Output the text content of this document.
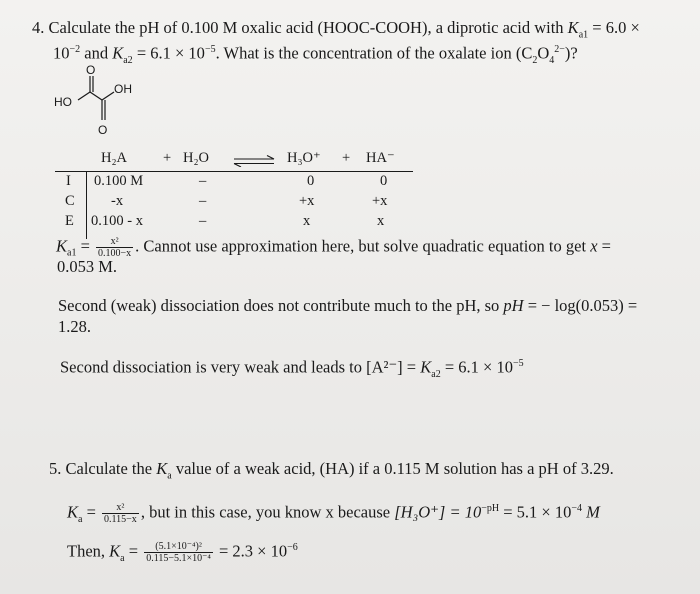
4. Calculate the pH of 0.100 M oxalic acid (HOOC-COOH), a diprotic acid with $K_{a1} = 6.0$ ×
$10^{-2}$ and $K_{a2} = 6.1 \times 10^{-5}$. What is the concentration of the oxalate ion $(C_2O_4^{2-})$?
O
HO
OH
O
H₂A + H₂O ⇌ H₃O⁺ + HA⁻
I 0.100 M	–	0	0
C	-x	–	+x	+x
E 0.100 - x	–	x	x
$K_{a1} = \frac{\text{x²}}{0.100-x}$ . Cannot use approximation here, but solve quadratic equation to get x =
0.053 M.
Second (weak) dissociation does not contribute much to the pH, so pH = − log(0.053) =
1.28.
Second dissociation is very weak and leads to $[A^{2-}] = K_{a2} = 6.1 \times 10^{-5}$
5. Calculate the $K_a$ value of a weak acid, (HA) if a 0.115 M solution has a pH of 3.29.
$K_a = \frac{\text{x²}}{0.115-x}$ , but in this case, you know x because $[H_3O^+] = 10^{-pH} = 5.1 \times 10^{-4}$ M
Then, $K_a = \frac{\text{(5.1×10⁻⁴)²}}{\text{0.115−5.1×10⁻⁴}} = 2.3 \times 10^{-6}$
